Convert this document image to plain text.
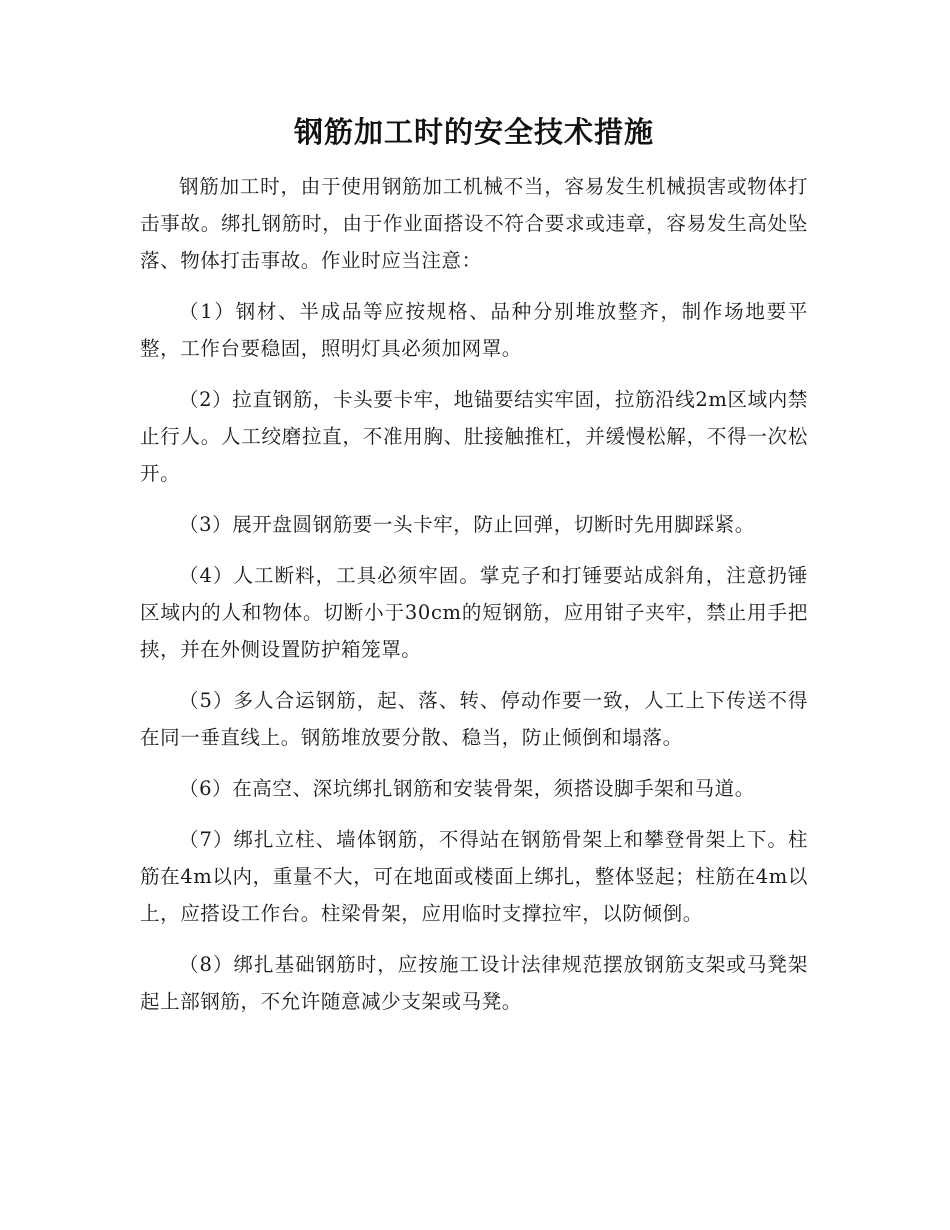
钢筋加工时的安全技术措施

钢筋加工时，由于使用钢筋加工机械不当，容易发生机械损害或物体打击事故。绑扎钢筋时，由于作业面搭设不符合要求或违章，容易发生高处坠落、物体打击事故。作业时应当注意：

（1）钢材、半成品等应按规格、品种分别堆放整齐，制作场地要平整，工作台要稳固，照明灯具必须加网罩。

（2）拉直钢筋，卡头要卡牢，地锚要结实牢固，拉筋沿线2m区域内禁止行人。人工绞磨拉直，不准用胸、肚接触推杠，并缓慢松解，不得一次松开。

（3）展开盘圆钢筋要一头卡牢，防止回弹，切断时先用脚踩紧。

（4）人工断料，工具必须牢固。掌克子和打锤要站成斜角，注意扔锤区域内的人和物体。切断小于30cm的短钢筋，应用钳子夹牢，禁止用手把挟，并在外侧设置防护箱笼罩。

（5）多人合运钢筋，起、落、转、停动作要一致，人工上下传送不得在同一垂直线上。钢筋堆放要分散、稳当，防止倾倒和塌落。

（6）在高空、深坑绑扎钢筋和安装骨架，须搭设脚手架和马道。

（7）绑扎立柱、墙体钢筋，不得站在钢筋骨架上和攀登骨架上下。柱筋在4m以内，重量不大，可在地面或楼面上绑扎，整体竖起；柱筋在4m以上，应搭设工作台。柱梁骨架，应用临时支撑拉牢，以防倾倒。

（8）绑扎基础钢筋时，应按施工设计法律规范摆放钢筋支架或马凳架起上部钢筋，不允许随意减少支架或马凳。
